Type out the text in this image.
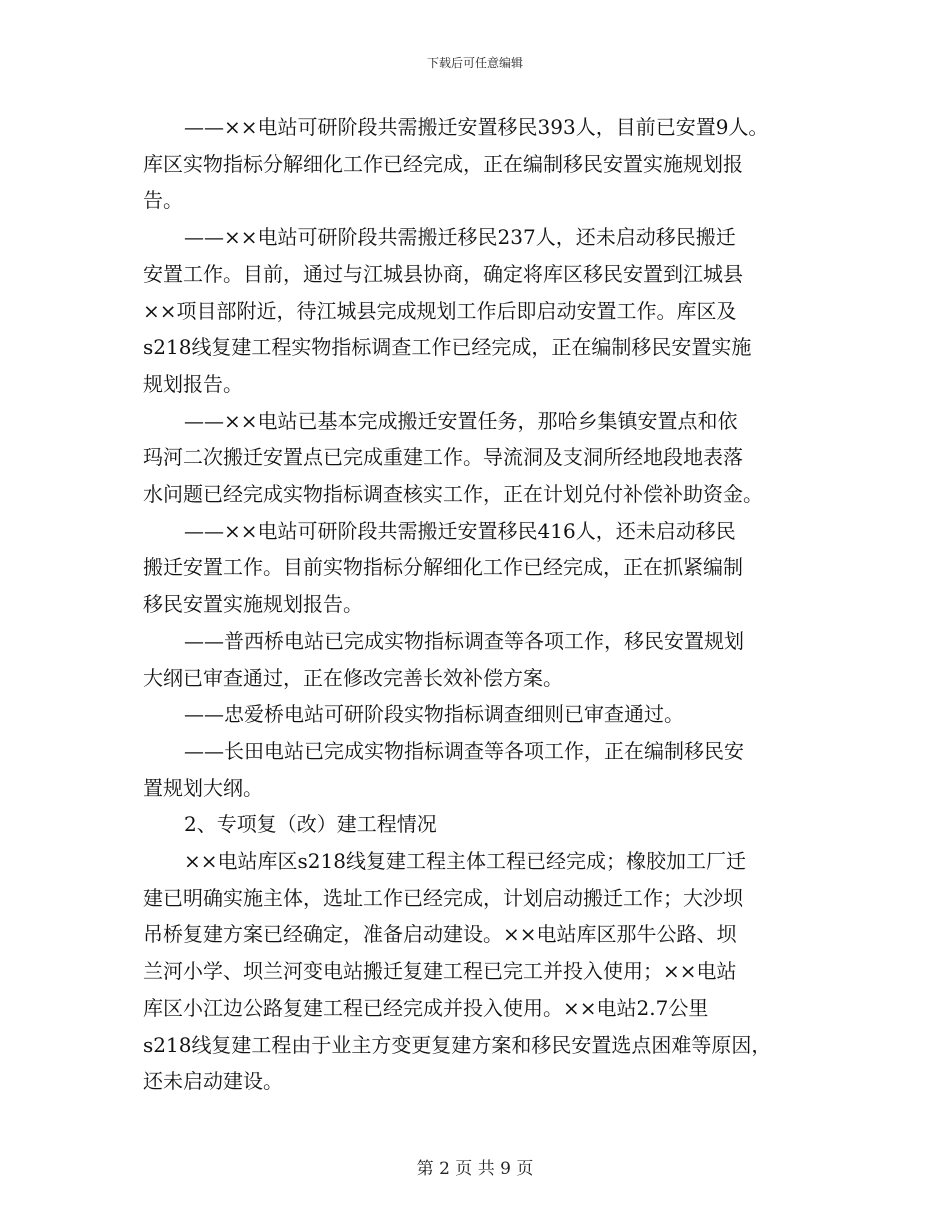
下载后可任意编辑

——××电站可研阶段共需搬迁安置移民393人，目前已安置9人。
库区实物指标分解细化工作已经完成，正在编制移民安置实施规划报
告。

——××电站可研阶段共需搬迁移民237人，还未启动移民搬迁
安置工作。目前，通过与江城县协商，确定将库区移民安置到江城县
××项目部附近，待江城县完成规划工作后即启动安置工作。库区及
s218线复建工程实物指标调查工作已经完成，正在编制移民安置实施
规划报告。

——××电站已基本完成搬迁安置任务，那哈乡集镇安置点和依
玛河二次搬迁安置点已完成重建工作。导流洞及支洞所经地段地表落
水问题已经完成实物指标调查核实工作，正在计划兑付补偿补助资金。

——××电站可研阶段共需搬迁安置移民416人，还未启动移民
搬迁安置工作。目前实物指标分解细化工作已经完成，正在抓紧编制
移民安置实施规划报告。

——普西桥电站已完成实物指标调查等各项工作，移民安置规划
大纲已审查通过，正在修改完善长效补偿方案。

——忠爱桥电站可研阶段实物指标调查细则已审查通过。

——长田电站已完成实物指标调查等各项工作，正在编制移民安
置规划大纲。

2、专项复（改）建工程情况

××电站库区s218线复建工程主体工程已经完成；橡胶加工厂迁
建已明确实施主体，选址工作已经完成，计划启动搬迁工作；大沙坝
吊桥复建方案已经确定，准备启动建设。××电站库区那牛公路、坝
兰河小学、坝兰河变电站搬迁复建工程已完工并投入使用；××电站
库区小江边公路复建工程已经完成并投入使用。××电站2.7公里
s218线复建工程由于业主方变更复建方案和移民安置选点困难等原因，
还未启动建设。

第 2 页 共 9 页
